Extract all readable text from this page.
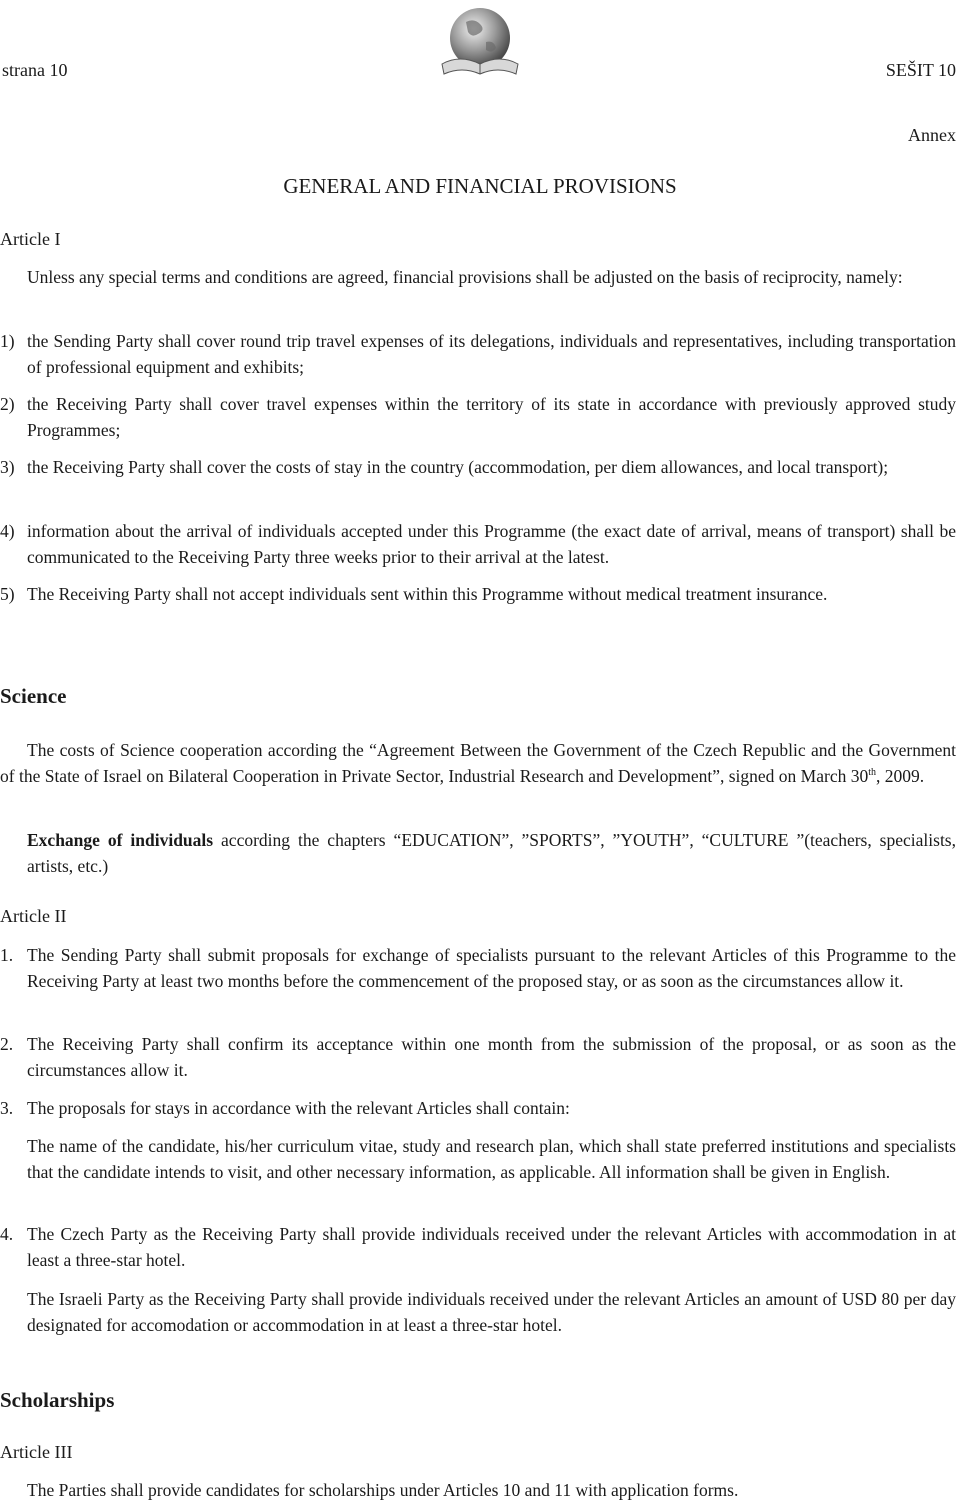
strana 10	SEŠIT 10
Annex
GENERAL AND FINANCIAL PROVISIONS
Article I

Unless any special terms and conditions are agreed, financial provisions shall be adjusted on the basis of reciprocity, namely:

1) the Sending Party shall cover round trip travel expenses of its delegations, individuals and representatives, including transportation of professional equipment and exhibits;
2) the Receiving Party shall cover travel expenses within the territory of its state in accordance with previously approved study Programmes;
3) the Receiving Party shall cover the costs of stay in the country (accommodation, per diem allowances, and local transport);
4) information about the arrival of individuals accepted under this Programme (the exact date of arrival, means of transport) shall be communicated to the Receiving Party three weeks prior to their arrival at the latest.
5) The Receiving Party shall not accept individuals sent within this Programme without medical treatment insurance.
Science

The costs of Science cooperation according the “Agreement Between the Government of the Czech Republic and the Government of the State of Israel on Bilateral Cooperation in Private Sector, Industrial Research and Development”, signed on March 30th, 2009.

Exchange of individuals according the chapters “EDUCATION”, ”SPORTS”, ”YOUTH”, “CULTURE ”(teachers, specialists, artists, etc.)

Article II
1. The Sending Party shall submit proposals for exchange of specialists pursuant to the relevant Articles of this Programme to the Receiving Party at least two months before the commencement of the proposed stay, or as soon as the circumstances allow it.
2. The Receiving Party shall confirm its acceptance within one month from the submission of the proposal, or as soon as the circumstances allow it.
3. The proposals for stays in accordance with the relevant Articles shall contain:

The name of the candidate, his/her curriculum vitae, study and research plan, which shall state preferred institutions and specialists that the candidate intends to visit, and other necessary information, as applicable. All information shall be given in English.

4. The Czech Party as the Receiving Party shall provide individuals received under the relevant Articles with accommodation in at least a three-star hotel.

The Israeli Party as the Receiving Party shall provide individuals received under the relevant Articles an amount of USD 80 per day designated for accomodation or accommodation in at least a three-star hotel.

Scholarships
Article III

The Parties shall provide candidates for scholarships under Articles 10 and 11 with application forms.
